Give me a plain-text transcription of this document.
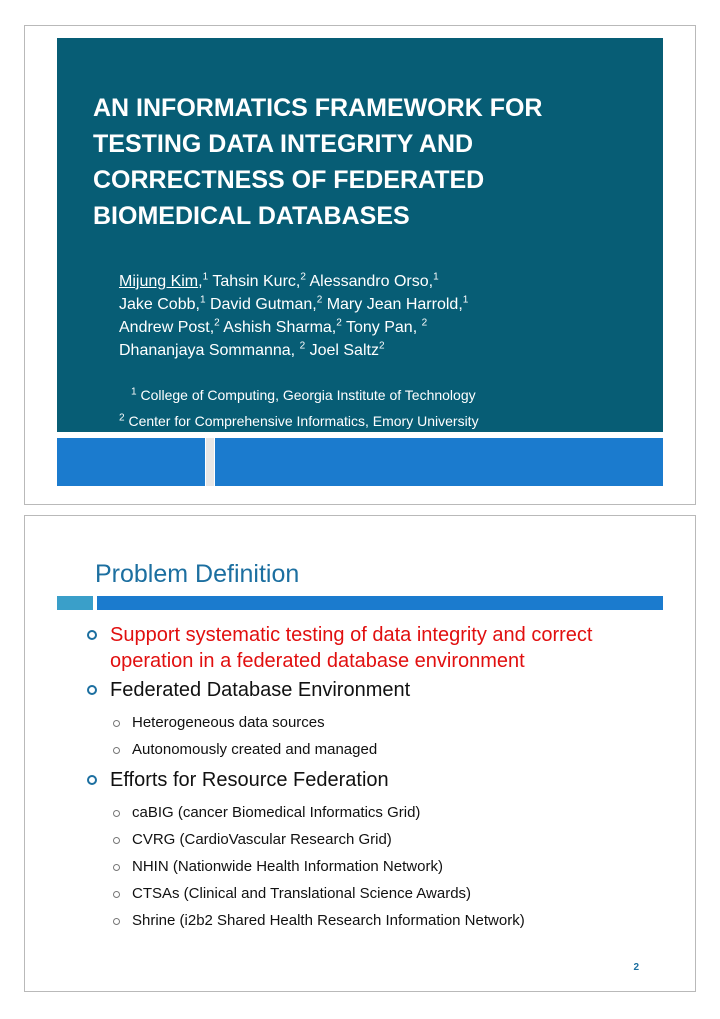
AN INFORMATICS FRAMEWORK FOR TESTING DATA INTEGRITY AND CORRECTNESS OF FEDERATED BIOMEDICAL DATABASES
Mijung Kim,$^1$ Tahsin Kurc,$^2$ Alessandro Orso,$^1$
Jake Cobb,$^1$ David Gutman,$^2$ Mary Jean Harrold,$^1$
Andrew Post,$^2$ Ashish Sharma,$^2$ Tony Pan, $^2$
Dhananjaya Sommanna, $^2$ Joel Saltz$^2$
$^1$ College of Computing, Georgia Institute of Technology
$^2$ Center for Comprehensive Informatics, Emory University
Problem Definition
Support systematic testing of data integrity and correct operation in a federated database environment
Federated Database Environment
Heterogeneous data sources
Autonomously created and managed
Efforts for Resource Federation
caBIG (cancer Biomedical Informatics Grid)
CVRG (CardioVascular Research Grid)
NHIN (Nationwide Health Information Network)
CTSAs (Clinical and Translational Science Awards)
Shrine (i2b2 Shared Health Research Information Network)
2
